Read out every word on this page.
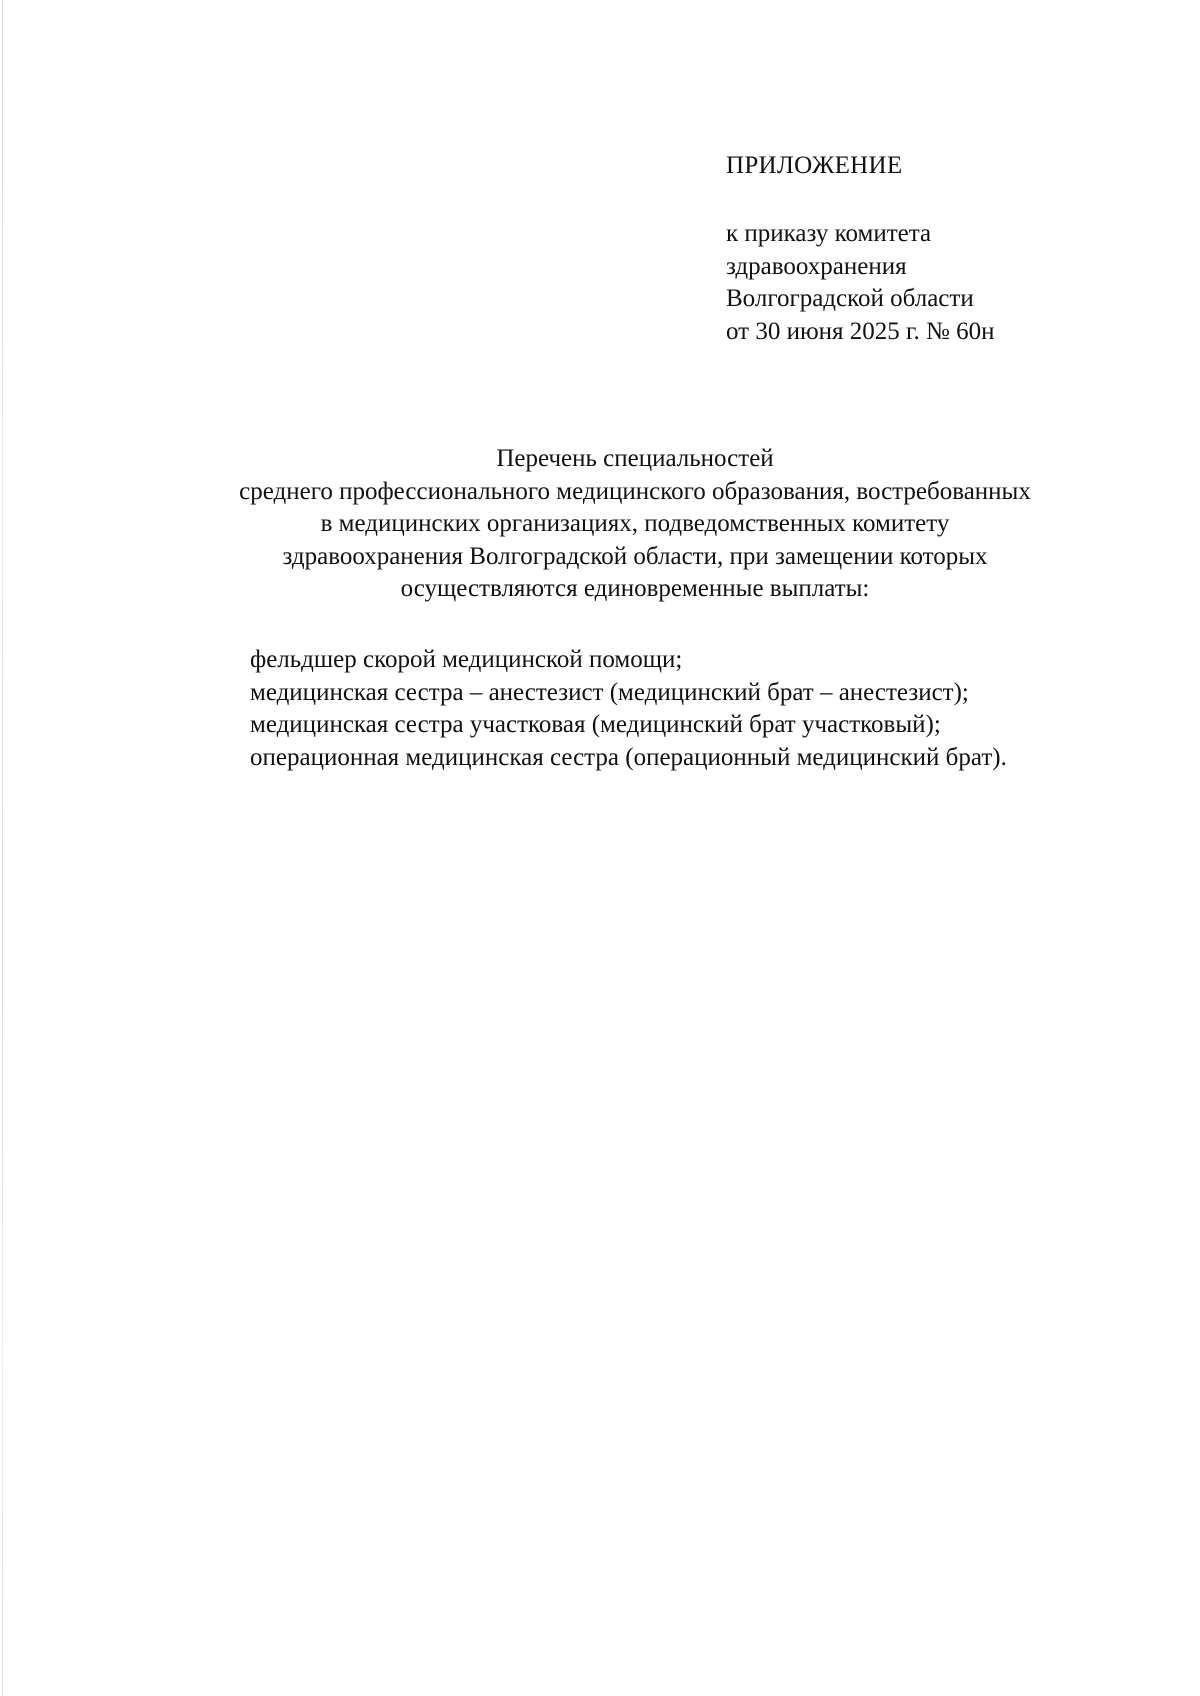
ПРИЛОЖЕНИЕ

к приказу комитета

здравоохранения

Волгоградской области

от 30 июня 2025 г. № 60н

Перечень специальностей

среднего профессионального медицинского образования, востребованных

в медицинских организациях, подведомственных комитету

здравоохранения Волгоградской области, при замещении которых

осуществляются единовременные выплаты:

фельдшер скорой медицинской помощи;

медицинская сестра – анестезист (медицинский брат – анестезист);

медицинская сестра участковая (медицинский брат участковый);

операционная медицинская сестра (операционный медицинский брат).
